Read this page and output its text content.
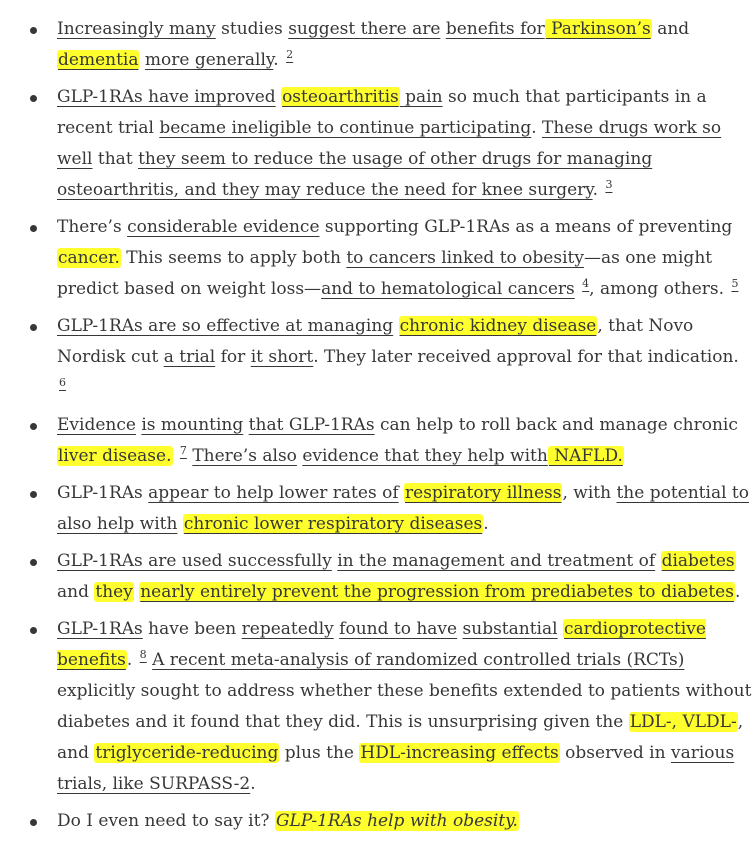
Increasingly many studies suggest there are benefits for Parkinson’s and dementia more generally. $^2$
GLP-1RAs have improved osteoarthritis pain so much that participants in a recent trial became ineligible to continue participating. These drugs work so well that they seem to reduce the usage of other drugs for managing osteoarthritis, and they may reduce the need for knee surgery. $^3$
There’s considerable evidence supporting GLP-1RAs as a means of preventing cancer. This seems to apply both to cancers linked to obesity—as one might predict based on weight loss—and to hematological cancers $^4$, among others. $^5$
GLP-1RAs are so effective at managing chronic kidney disease, that Novo Nordisk cut a trial for it short. They later received approval for that indication. $^6$
Evidence is mounting that GLP-1RAs can help to roll back and manage chronic liver disease. $^7$ There’s also evidence that they help with NAFLD.
GLP-1RAs appear to help lower rates of respiratory illness, with the potential to also help with chronic lower respiratory diseases.
GLP-1RAs are used successfully in the management and treatment of diabetes and they nearly entirely prevent the progression from prediabetes to diabetes.
GLP-1RAs have been repeatedly found to have substantial cardioprotective benefits. $^8$ A recent meta-analysis of randomized controlled trials (RCTs) explicitly sought to address whether these benefits extended to patients without diabetes and it found that they did. This is unsurprising given the LDL-, VLDL-, and triglyceride-reducing plus the HDL-increasing effects observed in various trials, like SURPASS-2.
Do I even need to say it? GLP-1RAs help with obesity.
